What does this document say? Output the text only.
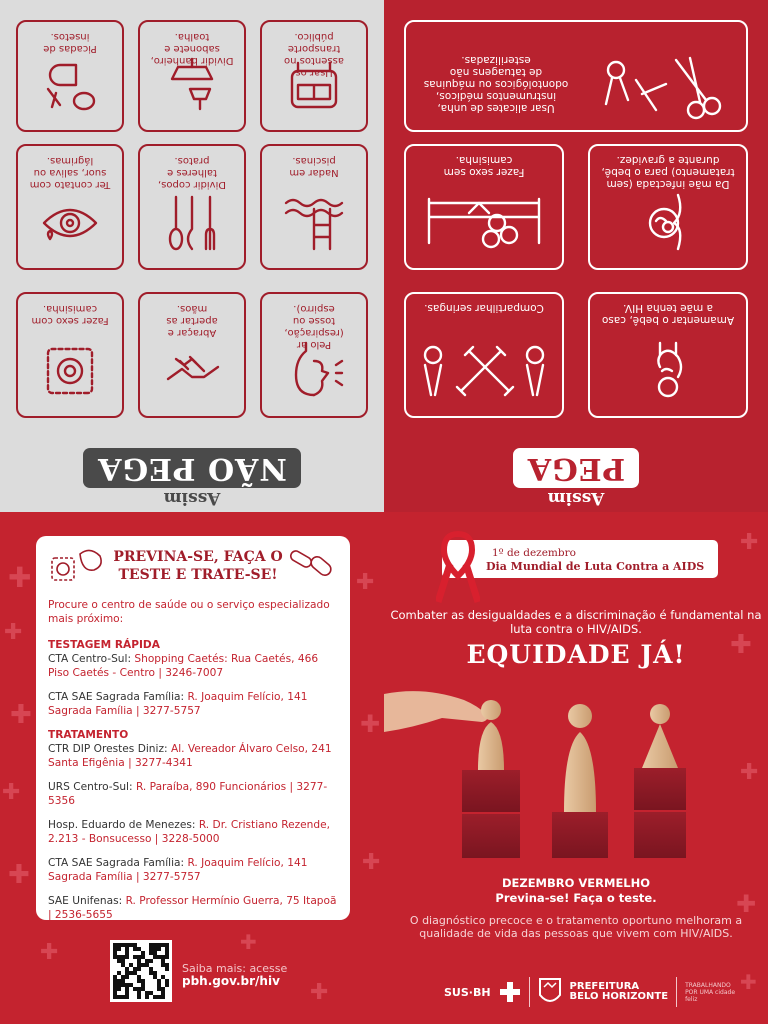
Assim
PEGA
Amamentar o bebê, caso a mãe tenha HIV.
Compartilhar seringas.
Da mãe infectada (sem tratamento) para o bebê, durante a gravidez.
Fazer sexo sem camisinha.
Usar alicates de unha, instrumentos médicos, odontológicos ou máquinas de tatuagens não esterilizadas.
Assim
NÃO PEGA
Pelo ar (respiração, tosse ou espirro).
Abraçar e apertar as mãos.
Fazer sexo com camisinha.
Nadar em piscinas.
Dividir copos, talheres e pratos.
Ter contato com suor, saliva ou lágrimas.
Usar os assentos no transporte público.
Dividir banheiro, sabonete e toalha.
Picadas de insetos.
✚
✚
✚
✚
✚
✚
✚
✚
✚
✚
✚
✚
✚
✚
✚
✚
PREVINA-SE, FAÇA O TESTE E TRATE-SE!
Procure o centro de saúde ou o serviço especializado mais próximo:
TESTAGEM RÁPIDA
CTA Centro-Sul: Shopping Caetés: Rua Caetés, 466 Piso Caetés - Centro | 3246-7007
CTA SAE Sagrada Família: R. Joaquim Felício, 141 Sagrada Família | 3277-5757
TRATAMENTO
CTR DIP Orestes Diniz: Al. Vereador Álvaro Celso, 241 Santa Efigênia | 3277-4341
URS Centro-Sul: R. Paraíba, 890 Funcionários | 3277-5356
Hosp. Eduardo de Menezes: R. Dr. Cristiano Rezende, 2.213 - Bonsucesso | 3228-5000
CTA SAE Sagrada Família: R. Joaquim Felício, 141 Sagrada Família | 3277-5757
SAE Unifenas: R. Professor Hermínio Guerra, 75 Itapoã | 2536-5655
Saiba mais: acesse
pbh.gov.br/hiv
1º de dezembro
Dia Mundial de Luta Contra a AIDS
Combater as desigualdades e a discriminação é fundamental na luta contra o HIV/AIDS.
EQUIDADE JÁ!
DEZEMBRO VERMELHO
Previna-se! Faça o teste.
O diagnóstico precoce e o tratamento oportuno melhoram a qualidade de vida das pessoas que vivem com HIV/AIDS.
SUS·BH	PREFEITURA
BELO HORIZONTE
TRABALHANDO POR UMA cidade feliz
